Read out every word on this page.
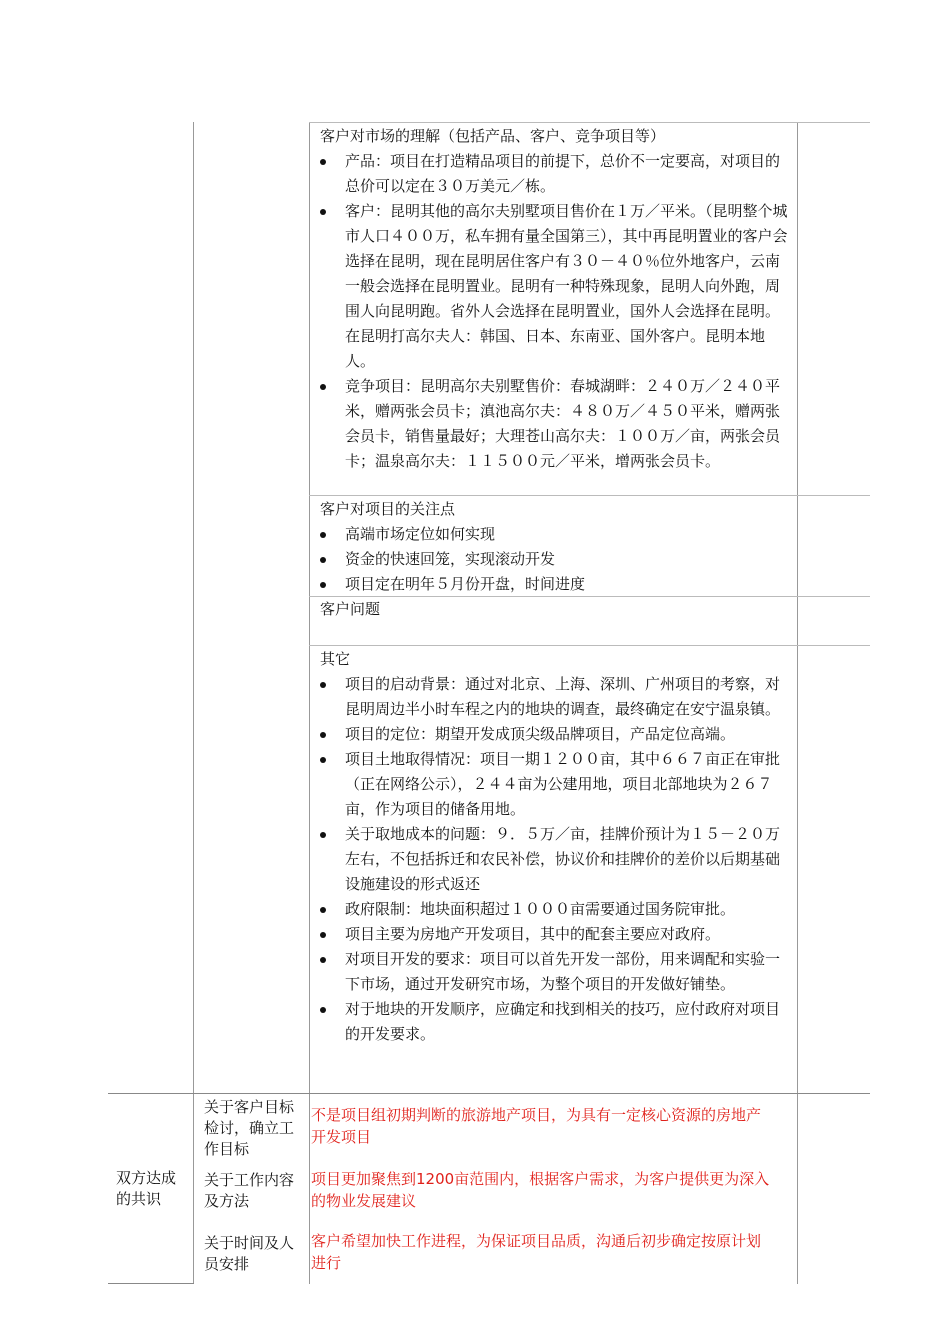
客户对市场的理解（包括产品、客户、竞争项目等）
产品：项目在打造精品项目的前提下，总价不一定要高，对项目的总价可以定在３０万美元／栋。
客户：昆明其他的高尔夫别墅项目售价在１万／平米。（昆明整个城市人口４００万，私车拥有量全国第三），其中再昆明置业的客户会选择在昆明，现在昆明居住客户有３０－４０％位外地客户，云南一般会选择在昆明置业。昆明有一种特殊现象，昆明人向外跑，周围人向昆明跑。省外人会选择在昆明置业，国外人会选择在昆明。在昆明打高尔夫人：韩国、日本、东南亚、国外客户。昆明本地人。
竞争项目：昆明高尔夫别墅售价：春城湖畔：２４０万／２４０平米，赠两张会员卡；滇池高尔夫：４８０万／４５０平米，赠两张会员卡，销售量最好；大理苍山高尔夫：１００万／亩，两张会员卡；温泉高尔夫：１１５００元／平米，增两张会员卡。
客户对项目的关注点
高端市场定位如何实现
资金的快速回笼，实现滚动开发
项目定在明年５月份开盘，时间进度
客户问题
其它
项目的启动背景：通过对北京、上海、深圳、广州项目的考察，对昆明周边半小时车程之内的地块的调查，最终确定在安宁温泉镇。
项目的定位：期望开发成顶尖级品牌项目，产品定位高端。
项目土地取得情况：项目一期１２００亩，其中６６７亩正在审批（正在网络公示），２４４亩为公建用地，项目北部地块为２６７亩，作为项目的储备用地。
关于取地成本的问题：９．５万／亩，挂牌价预计为１５－２０万左右，不包括拆迁和农民补偿，协议价和挂牌价的差价以后期基础设施建设的形式返还
政府限制：地块面积超过１０００亩需要通过国务院审批。
项目主要为房地产开发项目，其中的配套主要应对政府。
对项目开发的要求：项目可以首先开发一部份，用来调配和实验一下市场，通过开发研究市场，为整个项目的开发做好铺垫。
对于地块的开发顺序，应确定和找到相关的技巧，应付政府对项目的开发要求。
双方达成的共识
关于客户目标检讨，确立工作目标
不是项目组初期判断的旅游地产项目，为具有一定核心资源的房地产开发项目
关于工作内容及方法
项目更加聚焦到1200亩范围内，根据客户需求，为客户提供更为深入的物业发展建议
关于时间及人员安排
客户希望加快工作进程，为保证项目品质，沟通后初步确定按原计划进行
